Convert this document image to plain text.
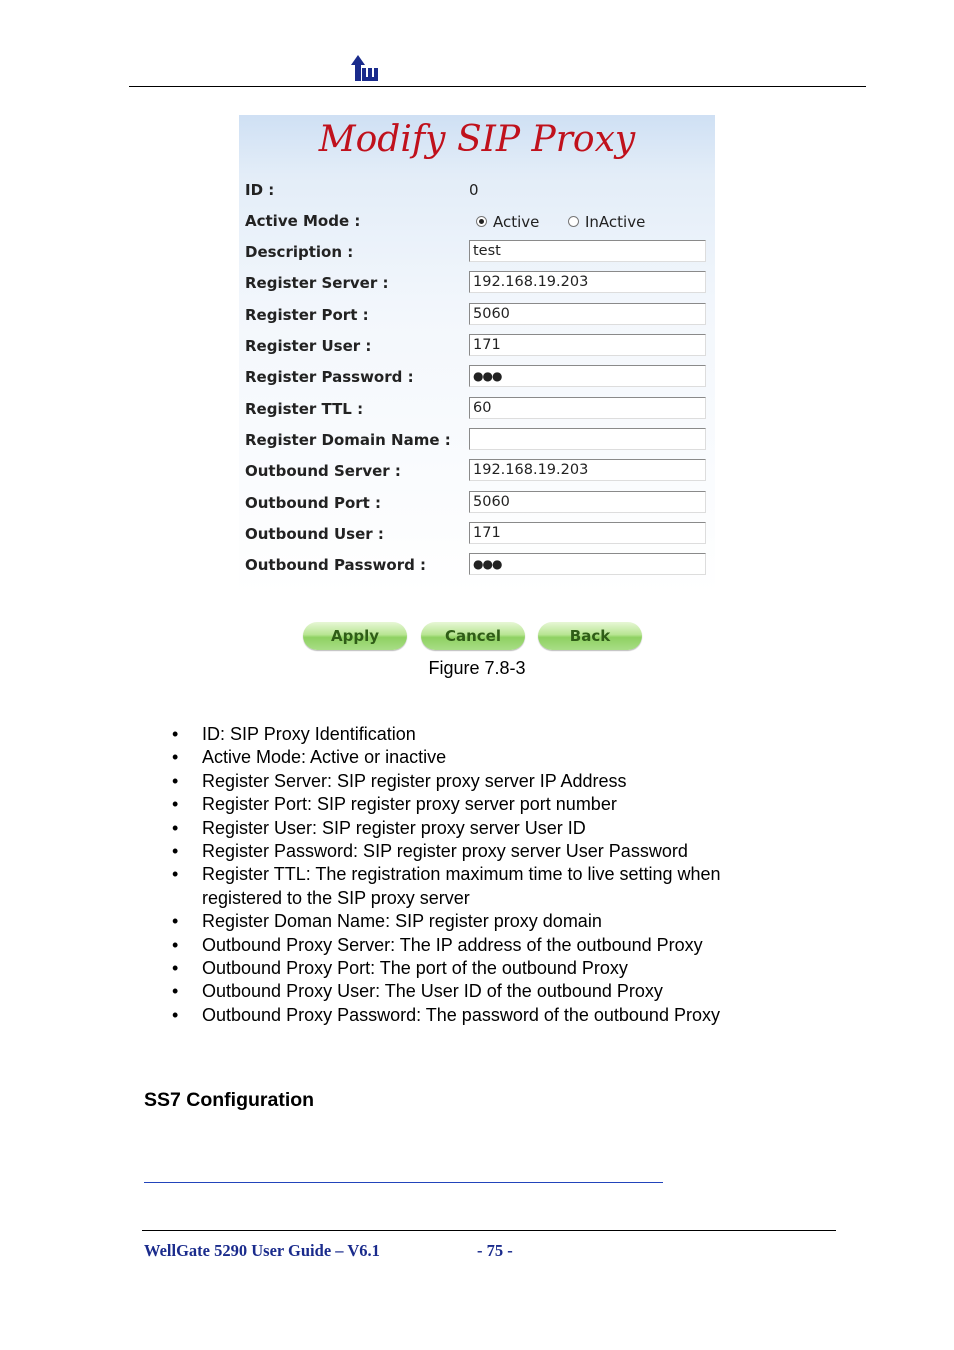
Modify SIP Proxy
ID :	0
Active Mode :	Active	InActive
Description :	test
Register Server :	192.168.19.203
Register Port :	5060
Register User :	171
Register Password :	●●●
Register TTL :	60
Register Domain Name :
Outbound Server :	192.168.19.203
Outbound Port :	5060
Outbound User :	171
Outbound Password :	●●●
Apply	Cancel	Back
Figure 7.8-3
• ID: SIP Proxy Identification
• Active Mode: Active or inactive
• Register Server: SIP register proxy server IP Address
• Register Port: SIP register proxy server port number
• Register User: SIP register proxy server User ID
• Register Password: SIP register proxy server User Password
• Register TTL: The registration maximum time to live setting when registered to the SIP proxy server
• Register Doman Name: SIP register proxy domain
• Outbound Proxy Server: The IP address of the outbound Proxy
• Outbound Proxy Port: The port of the outbound Proxy
• Outbound Proxy User: The User ID of the outbound Proxy
• Outbound Proxy Password: The password of the outbound Proxy
SS7 Configuration
WellGate 5290 User Guide – V6.1	- 75 -
